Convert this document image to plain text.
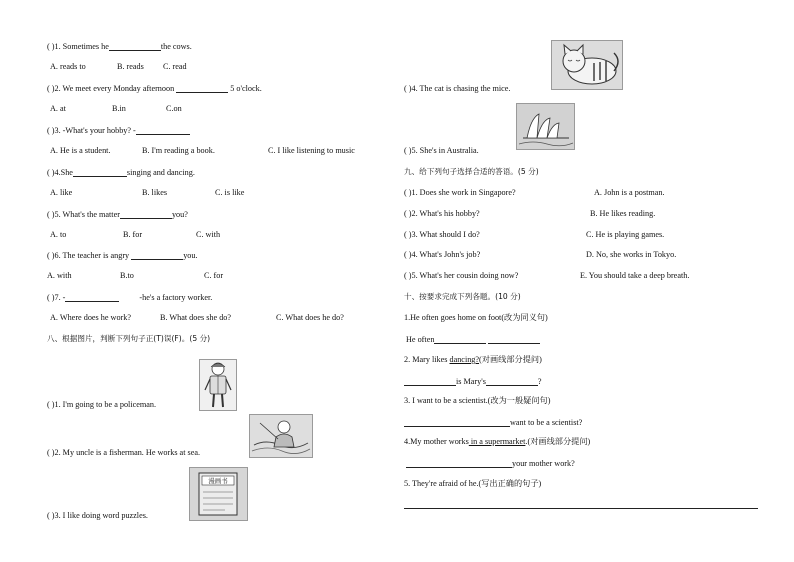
( )1. Sometimes he	the cows.
A. reads to	B. reads C. read
( )2. We meet every Monday afternoon	5 o'clock.
A. at	B.in	C.on
( )3. -What's your hobby? -
A. He is a student.	B. I'm reading a book.	C. I like listening to music
( )4.She	singing and dancing.
A. like	B. likes	C. is like
( )5. What's the matter	you?
A. to	B. for	C. with
( )6. The teacher is angry	you.
A. with	B.to	C. for
( )7. -	-he's a factory worker.
A. Where does he work?	B. What does she do?	C. What does he do?
八、根据图片，判断下列句子正(T)误(F)。(5 分)
( )1. I'm going to be a policeman.
( )2. My uncle is a fisherman. He works at sea.
漫画书
( )3. I like doing word puzzles.
( )4. The cat is chasing the mice.
( )5. She's in Australia.
九、给下列句子选择合适的答语。(5 分)
( )1. Does she work in Singapore?	A. John is a postman.
( )2. What's his hobby?	B. He likes reading.
( )3. What should I do?	C. He is playing games.
( )4. What's John's job?	D. No, she works in Tokyo.
( )5. What's her cousin doing now?	E. You should take a deep breath.
十、按要求完成下列各题。(10 分)
1.He often goes home on foot(改为同义句)
He often
2. Mary likes dancing?(对画线部分提问)
is Mary's	?
3. I want to be a scientist.(改为一般疑问句)
want to be a scientist?
4.My mother works in a supermarket.(对画线部分提问)
your mother work?
5. They're afraid of he.(写出正确的句子)
